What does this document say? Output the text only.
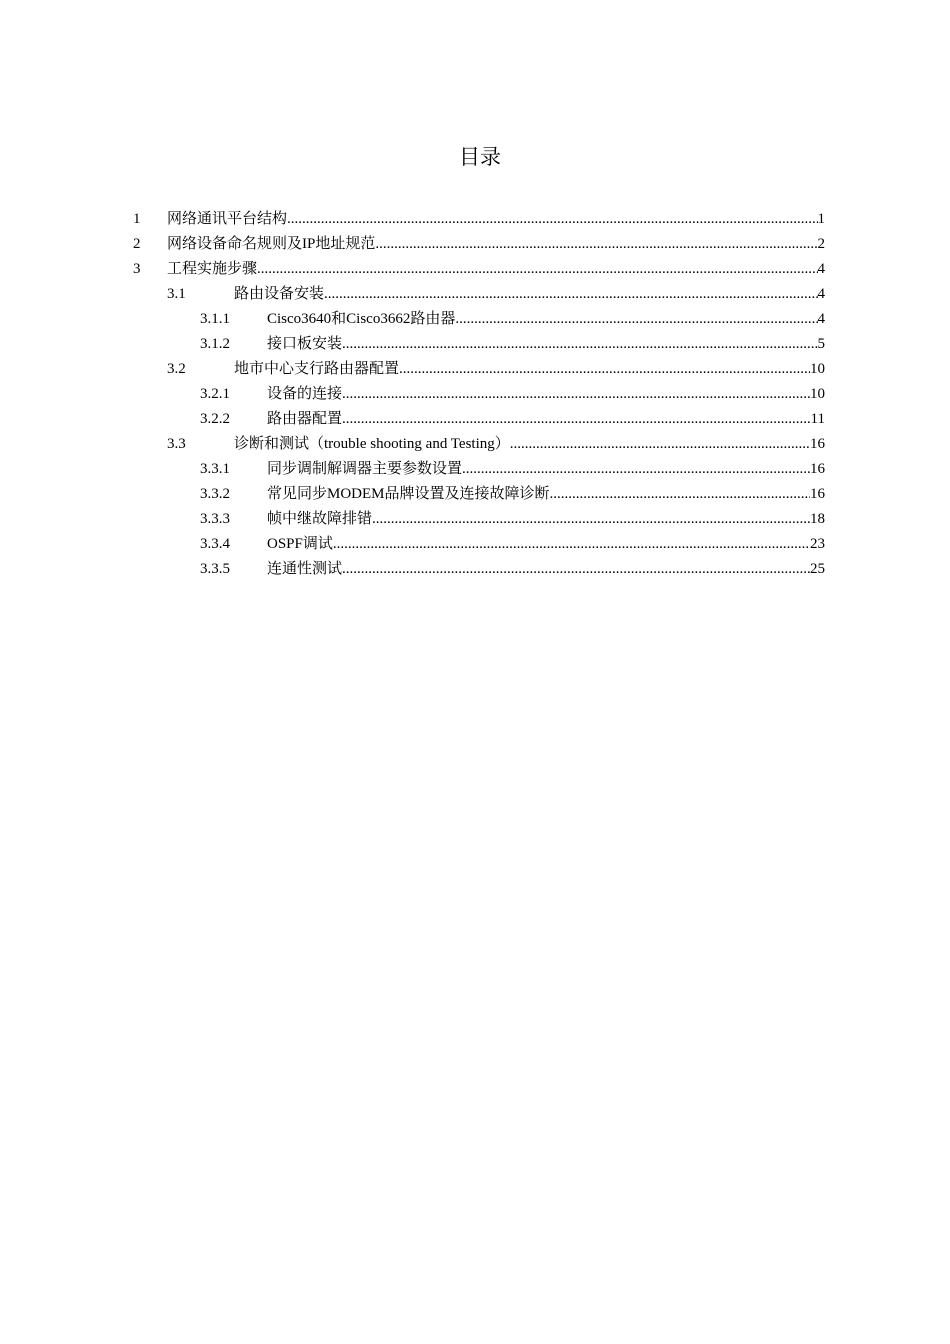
目录
1	网络通讯平台结构 .....	1
2	网络设备命名规则及IP地址规范 .....	2
3	工程实施步骤 .....	4
3.1	路由设备安装 .....	4
3.1.1	Cisco3640和Cisco3662路由器 .....	4
3.1.2	接口板安装 .....	5
3.2	地市中心支行路由器配置 .....	10
3.2.1	设备的连接 .....	10
3.2.2	路由器配置 .....	11
3.3	诊断和测试（trouble shooting and Testing） .....	16
3.3.1	同步调制解调器主要参数设置 .....	16
3.3.2	常见同步MODEM品牌设置及连接故障诊断 .....	16
3.3.3	帧中继故障排错 .....	18
3.3.4	OSPF调试 .....	23
3.3.5	连通性测试 .....	25
